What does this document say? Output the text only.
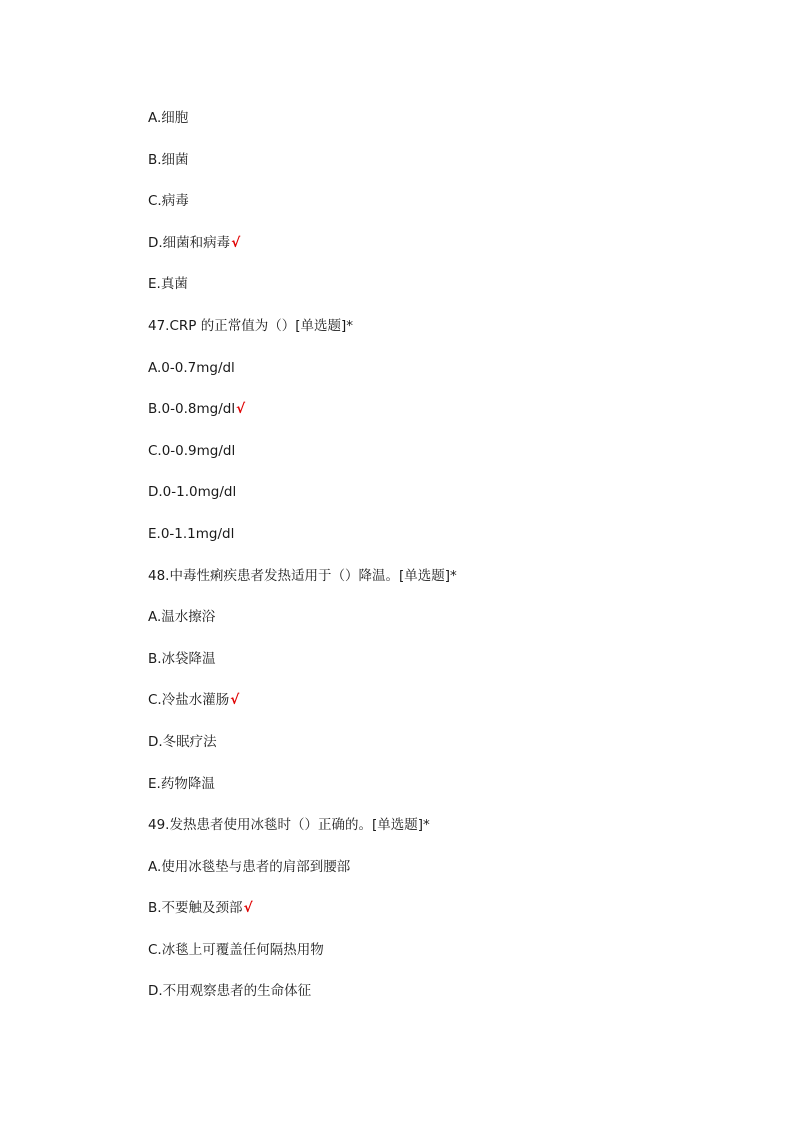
A.细胞
B.细菌
C.病毒
D.细菌和病毒√
E.真菌
47.CRP 的正常值为（）[单选题]*
A.0-0.7mg/dl
B.0-0.8mg/dl√
C.0-0.9mg/dl
D.0-1.0mg/dl
E.0-1.1mg/dl
48.中毒性痢疾患者发热适用于（）降温。[单选题]*
A.温水擦浴
B.冰袋降温
C.冷盐水灌肠√
D.冬眠疗法
E.药物降温
49.发热患者使用冰毯时（）正确的。[单选题]*
A.使用冰毯垫与患者的肩部到腰部
B.不要触及颈部√
C.冰毯上可覆盖任何隔热用物
D.不用观察患者的生命体征
